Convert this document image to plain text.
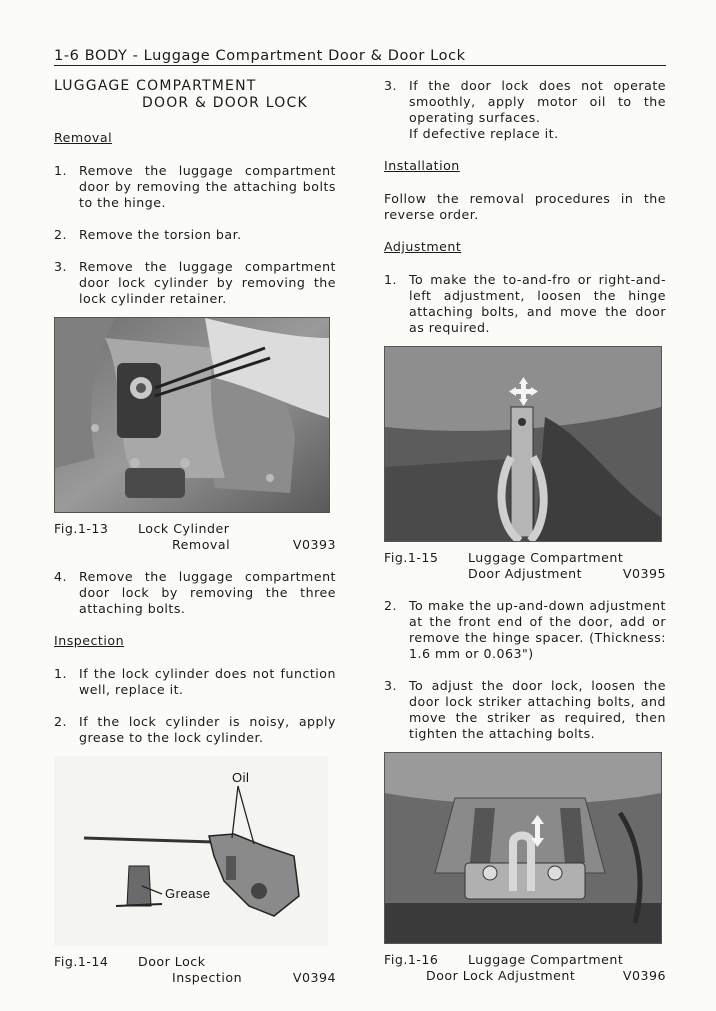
1-6 BODY - Luggage Compartment Door & Door Lock
LUGGAGE COMPARTMENT
DOOR & DOOR LOCK
Removal
1. Remove the luggage compartment door by removing the attaching bolts to the hinge.
2. Remove the torsion bar.
3. Remove the luggage compartment door lock cylinder by removing the lock cylinder retainer.
Fig.1-13	Lock Cylinder
Removal	V0393
4. Remove the luggage compartment door lock by removing the three attaching bolts.
Inspection
1. If the lock cylinder does not function well, replace it.
2. If the lock cylinder is noisy, apply grease to the lock cylinder.
Oil
Grease
Fig.1-14	Door Lock
Inspection	V0394
3. If the door lock does not operate smoothly, apply motor oil to the operating surfaces.
If defective replace it.
Installation

Follow the removal procedures in the reverse order.

Adjustment
1. To make the to-and-fro or right-and-left adjustment, loosen the hinge attaching bolts, and move the door as required.
Fig.1-15	Luggage Compartment
Door Adjustment	V0395
2. To make the up-and-down adjustment at the front end of the door, add or remove the hinge spacer. (Thickness: 1.6 mm or 0.063")
3. To adjust the door lock, loosen the door lock striker attaching bolts, and move the striker as required, then tighten the attaching bolts.
Fig.1-16	Luggage Compartment
Door Lock Adjustment	V0396
